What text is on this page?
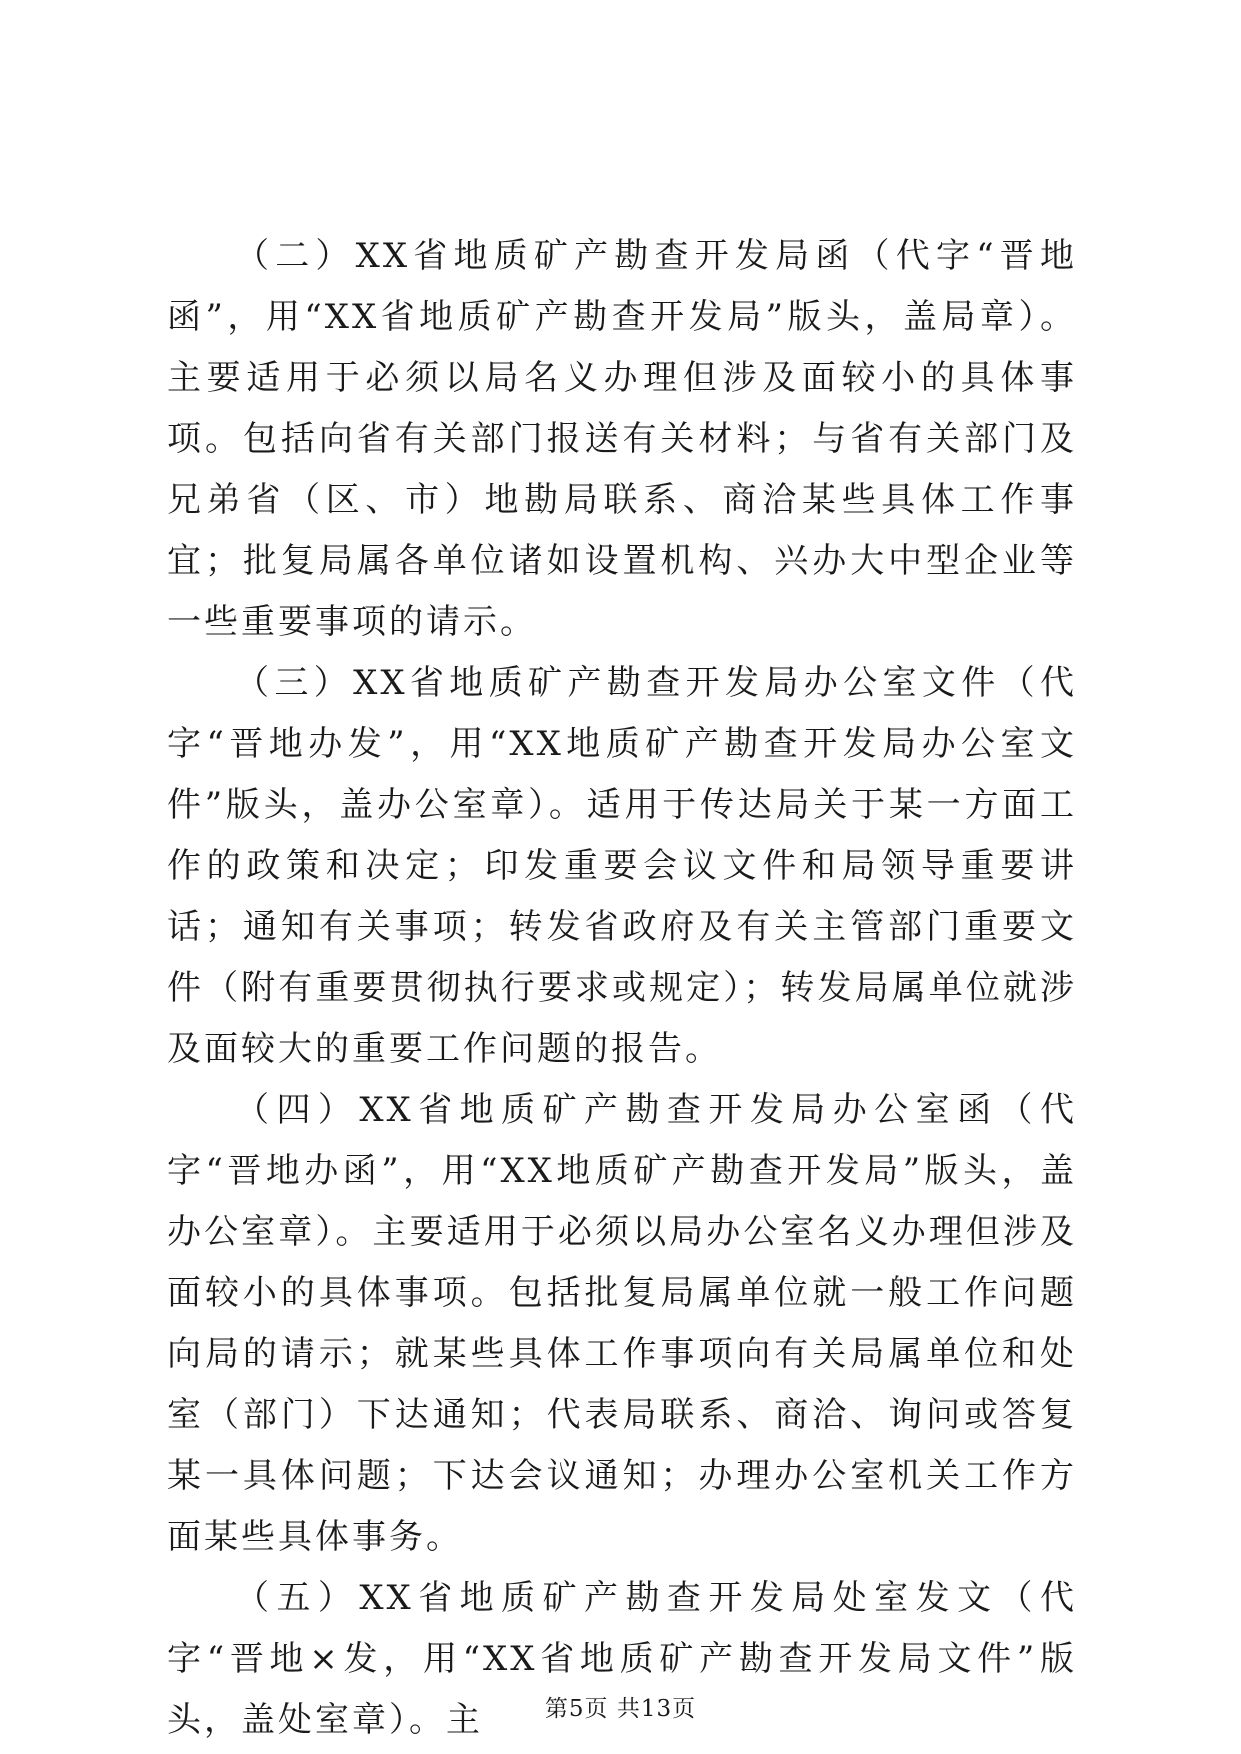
（二）XX省地质矿产勘查开发局函（代字“晋地函”，用“XX省地质矿产勘查开发局”版头，盖局章）。主要适用于必须以局名义办理但涉及面较小的具体事项。包括向省有关部门报送有关材料；与省有关部门及兄弟省（区、市）地勘局联系、商洽某些具体工作事宜；批复局属各单位诸如设置机构、兴办大中型企业等一些重要事项的请示。

（三）XX省地质矿产勘查开发局办公室文件（代字“晋地办发”，用“XX地质矿产勘查开发局办公室文件”版头，盖办公室章）。适用于传达局关于某一方面工作的政策和决定；印发重要会议文件和局领导重要讲话；通知有关事项；转发省政府及有关主管部门重要文件（附有重要贯彻执行要求或规定）；转发局属单位就涉及面较大的重要工作问题的报告。

（四）XX省地质矿产勘查开发局办公室函（代字“晋地办函”，用“XX地质矿产勘查开发局”版头，盖办公室章）。主要适用于必须以局办公室名义办理但涉及面较小的具体事项。包括批复局属单位就一般工作问题向局的请示；就某些具体工作事项向有关局属单位和处室（部门）下达通知；代表局联系、商洽、询问或答复某一具体问题；下达会议通知；办理办公室机关工作方面某些具体事务。

（五）XX省地质矿产勘查开发局处室发文（代字“晋地×发，用“XX省地质矿产勘查开发局文件”版头，盖处室章）。主	第5页 共13页
